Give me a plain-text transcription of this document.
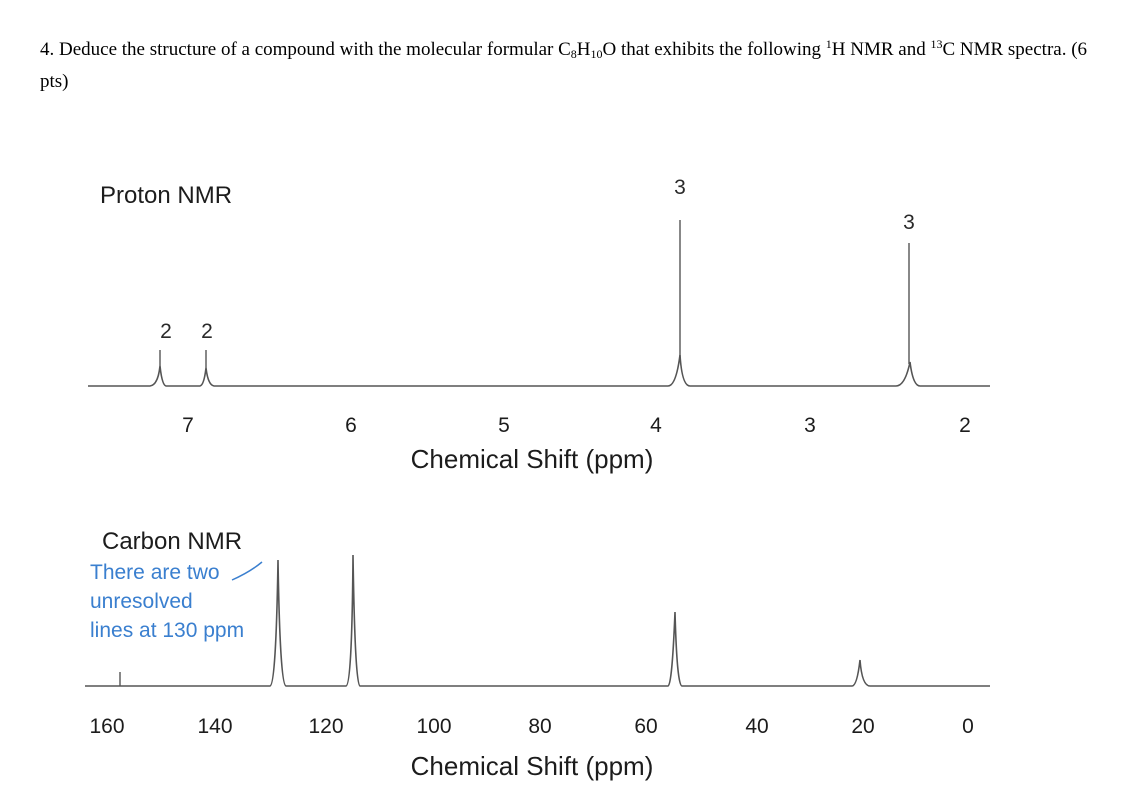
4. Deduce the structure of a compound with the molecular formular $C_8H_{10}O$ that exhibits the following $^1$H NMR and $^{13}$C NMR spectra. (6 pts)
Proton NMR
2 2
3
3
7	6	5	4	3	2
Chemical Shift (ppm)
Carbon NMR
There are two
unresolved
lines at 130 ppm
160	140	120	100	80	60	40	20	0
Chemical Shift (ppm)
